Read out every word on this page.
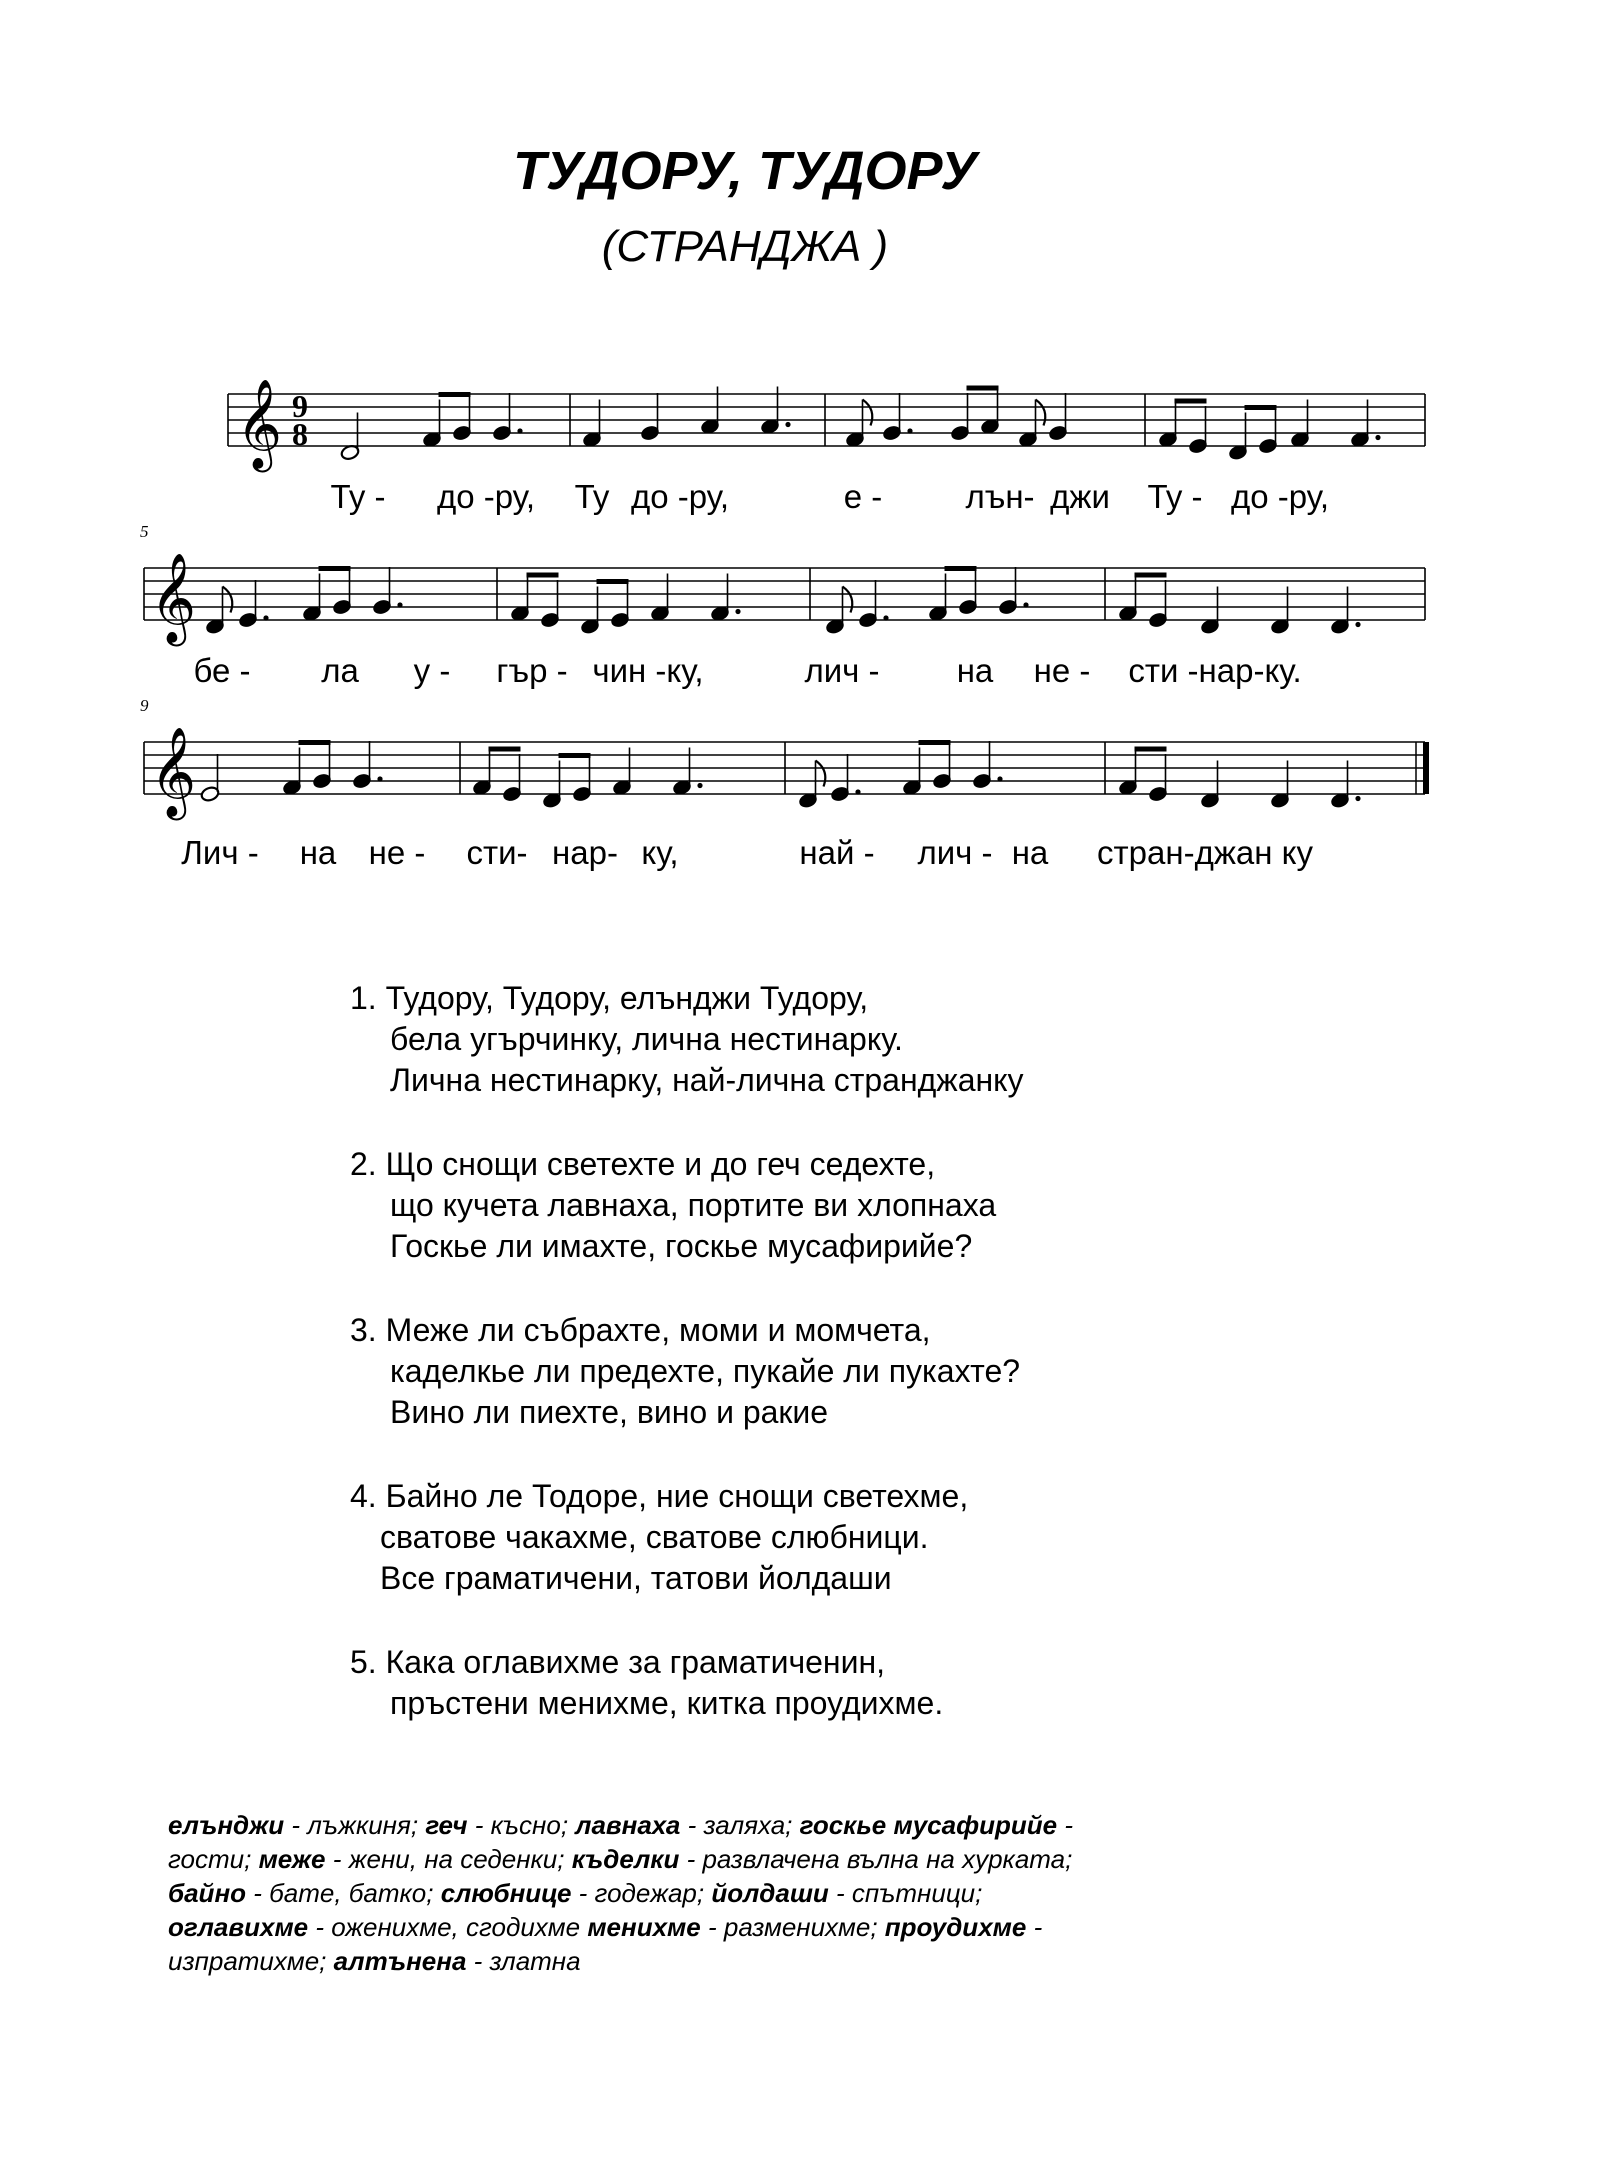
ТУДОРУ, ТУДОРУ
(СТРАНДЖА )
𝄞
𝄞
𝄞
9
8
5
9
Ту - до -ру, Ту до -ру,	е -	лън- джи Ту - до -ру,
бе - ла у - гър - чин -ку,	лич - на не - сти -нар-ку.
Лич - на не - сти- нар- ку,	най - лич - на стран-джан ку
1. Тудору, Тудору, елънджи Тудору,
бела угърчинку, лична нестинарку.
Лична нестинарку, най-лична странджанку
2. Що снощи светехте и до геч седехте,
що кучета лавнаха, портите ви хлопнаха
Госкье ли имахте, госкье мусафирийе?
3. Меже ли събрахте, моми и момчета,
каделкье ли предехте, пукайе ли пукахте?
Вино ли пиехте, вино и ракие
4. Байно ле Тодоре, ние снощи светехме,
сватове чакахме, сватове слюбници.
Все граматичени, татови йолдаши
5. Кака оглавихме за граматиченин,
пръстени менихме, китка проудихме.
елънджи - лъжкиня; геч - късно; лавнаха - заляха; госкье мусафирийе -
гости; меже - жени, на седенки; къделки - развлачена вълна на хурката;
байно - бате, батко; слюбнице - годежар; йолдаши - спътници;
оглавихме - оженихме, сгодихме менихме - разменихме; проудихме -
изпратихме; алтънена - златна
